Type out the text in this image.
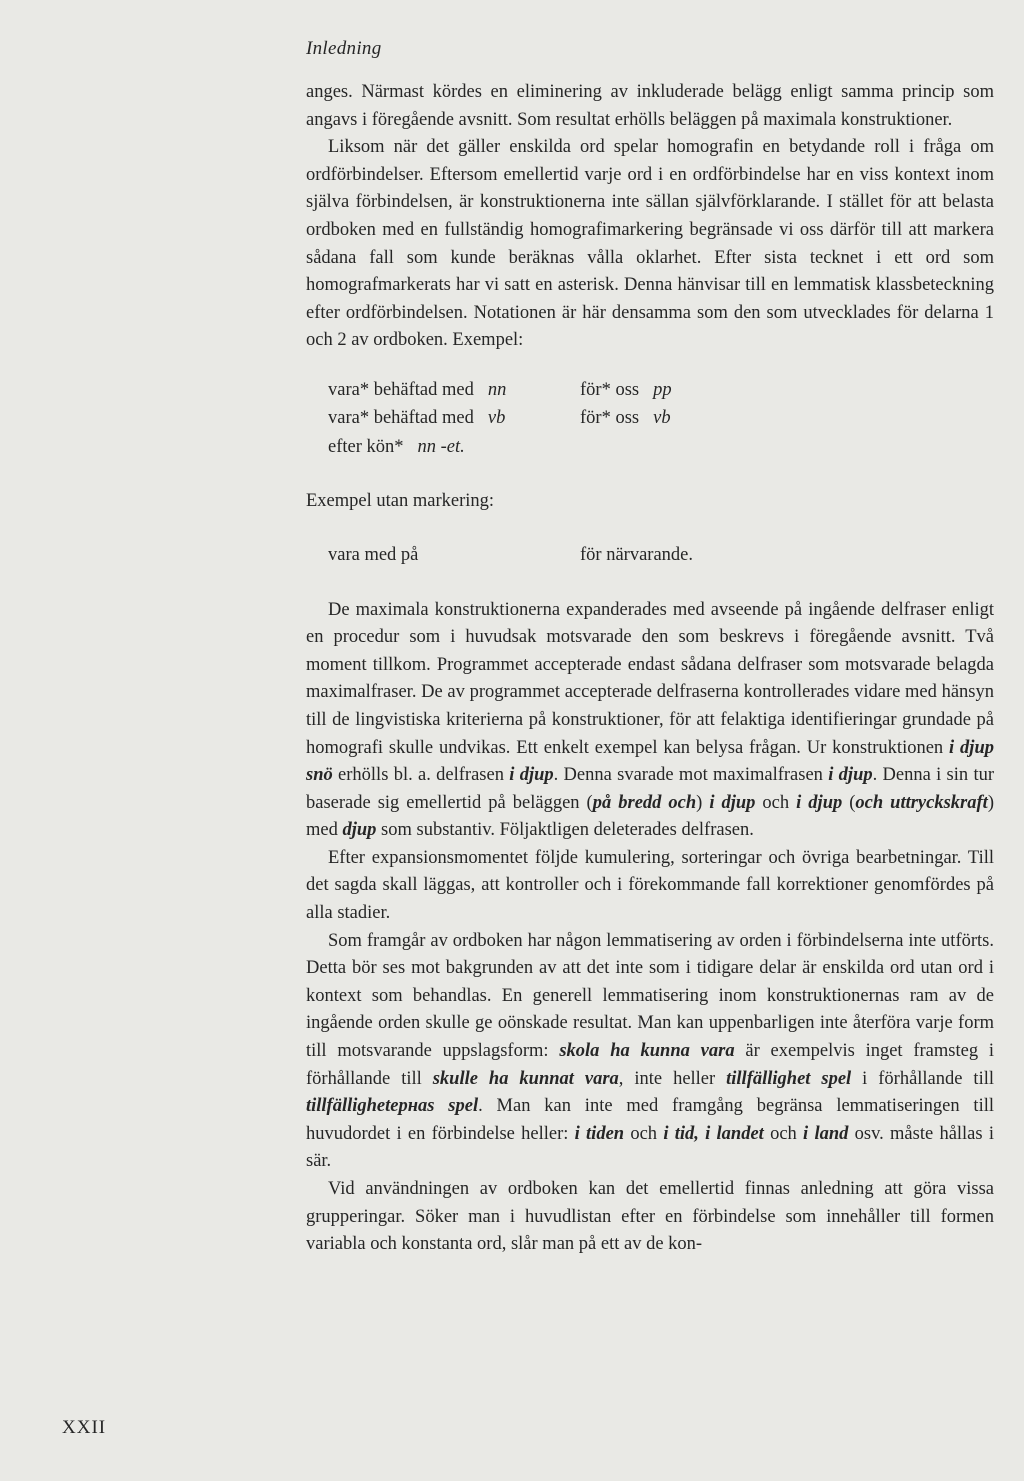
Inledning

anges. Närmast kördes en eliminering av inkluderade belägg enligt samma princip som angavs i föregående avsnitt. Som resultat erhölls beläggen på maximala konstruktioner.

Liksom när det gäller enskilda ord spelar homografin en betydande roll i fråga om ordförbindelser. Eftersom emellertid varje ord i en ordförbindelse har en viss kontext inom själva förbindelsen, är konstruktionerna inte sällan självförklarande. I stället för att belasta ordboken med en fullständig homografimarkering begränsade vi oss därför till att markera sådana fall som kunde beräknas vålla oklarhet. Efter sista tecknet i ett ord som homografmarkerats har vi satt en asterisk. Denna hänvisar till en lemmatisk klassbeteckning efter ordförbindelsen. Notationen är här densamma som den som utvecklades för delarna 1 och 2 av ordboken. Exempel:

vara* behäftad med nn	för* oss pp
vara* behäftad med vb	för* oss vb
efter kön* nn -et.

Exempel utan markering:

vara med på	för närvarande.

De maximala konstruktionerna expanderades med avseende på ingående delfraser enligt en procedur som i huvudsak motsvarade den som beskrevs i föregående avsnitt. Två moment tillkom. Programmet accepterade endast sådana delfraser som motsvarade belagda maximalfraser. De av programmet accepterade delfraserna kontrollerades vidare med hänsyn till de lingvistiska kriterierna på konstruktioner, för att felaktiga identifieringar grundade på homografi skulle undvikas. Ett enkelt exempel kan belysa frågan. Ur konstruktionen i djup snö erhölls bl. a. delfrasen i djup. Denna svarade mot maximalfrasen i djup. Denna i sin tur baserade sig emellertid på beläggen (på bredd och) i djup och i djup (och uttryckskraft) med djup som substantiv. Följaktligen deleterades delfrasen.

Efter expansionsmomentet följde kumulering, sorteringar och övriga bearbetningar. Till det sagda skall läggas, att kontroller och i förekommande fall korrektioner genomfördes på alla stadier.

Som framgår av ordboken har någon lemmatisering av orden i förbindelserna inte utförts. Detta bör ses mot bakgrunden av att det inte som i tidigare delar är enskilda ord utan ord i kontext som behandlas. En generell lemmatisering inom konstruktionernas ram av de ingående orden skulle ge oönskade resultat. Man kan uppenbarligen inte återföra varje form till motsvarande uppslagsform: skola ha kunna vara är exempelvis inget framsteg i förhållande till skulle ha kunnat vara, inte heller tillfällighet spel i förhållande till tillfällighetернas spel. Man kan inte med framgång begränsa lemmatiseringen till huvudordet i en förbindelse heller: i tiden och i tid, i landet och i land osv. måste hållas i sär.

Vid användningen av ordboken kan det emellertid finnas anledning att göra vissa grupperingar. Söker man i huvudlistan efter en förbindelse som innehåller till formen variabla och konstanta ord, slår man på ett av de kon-

XXII
